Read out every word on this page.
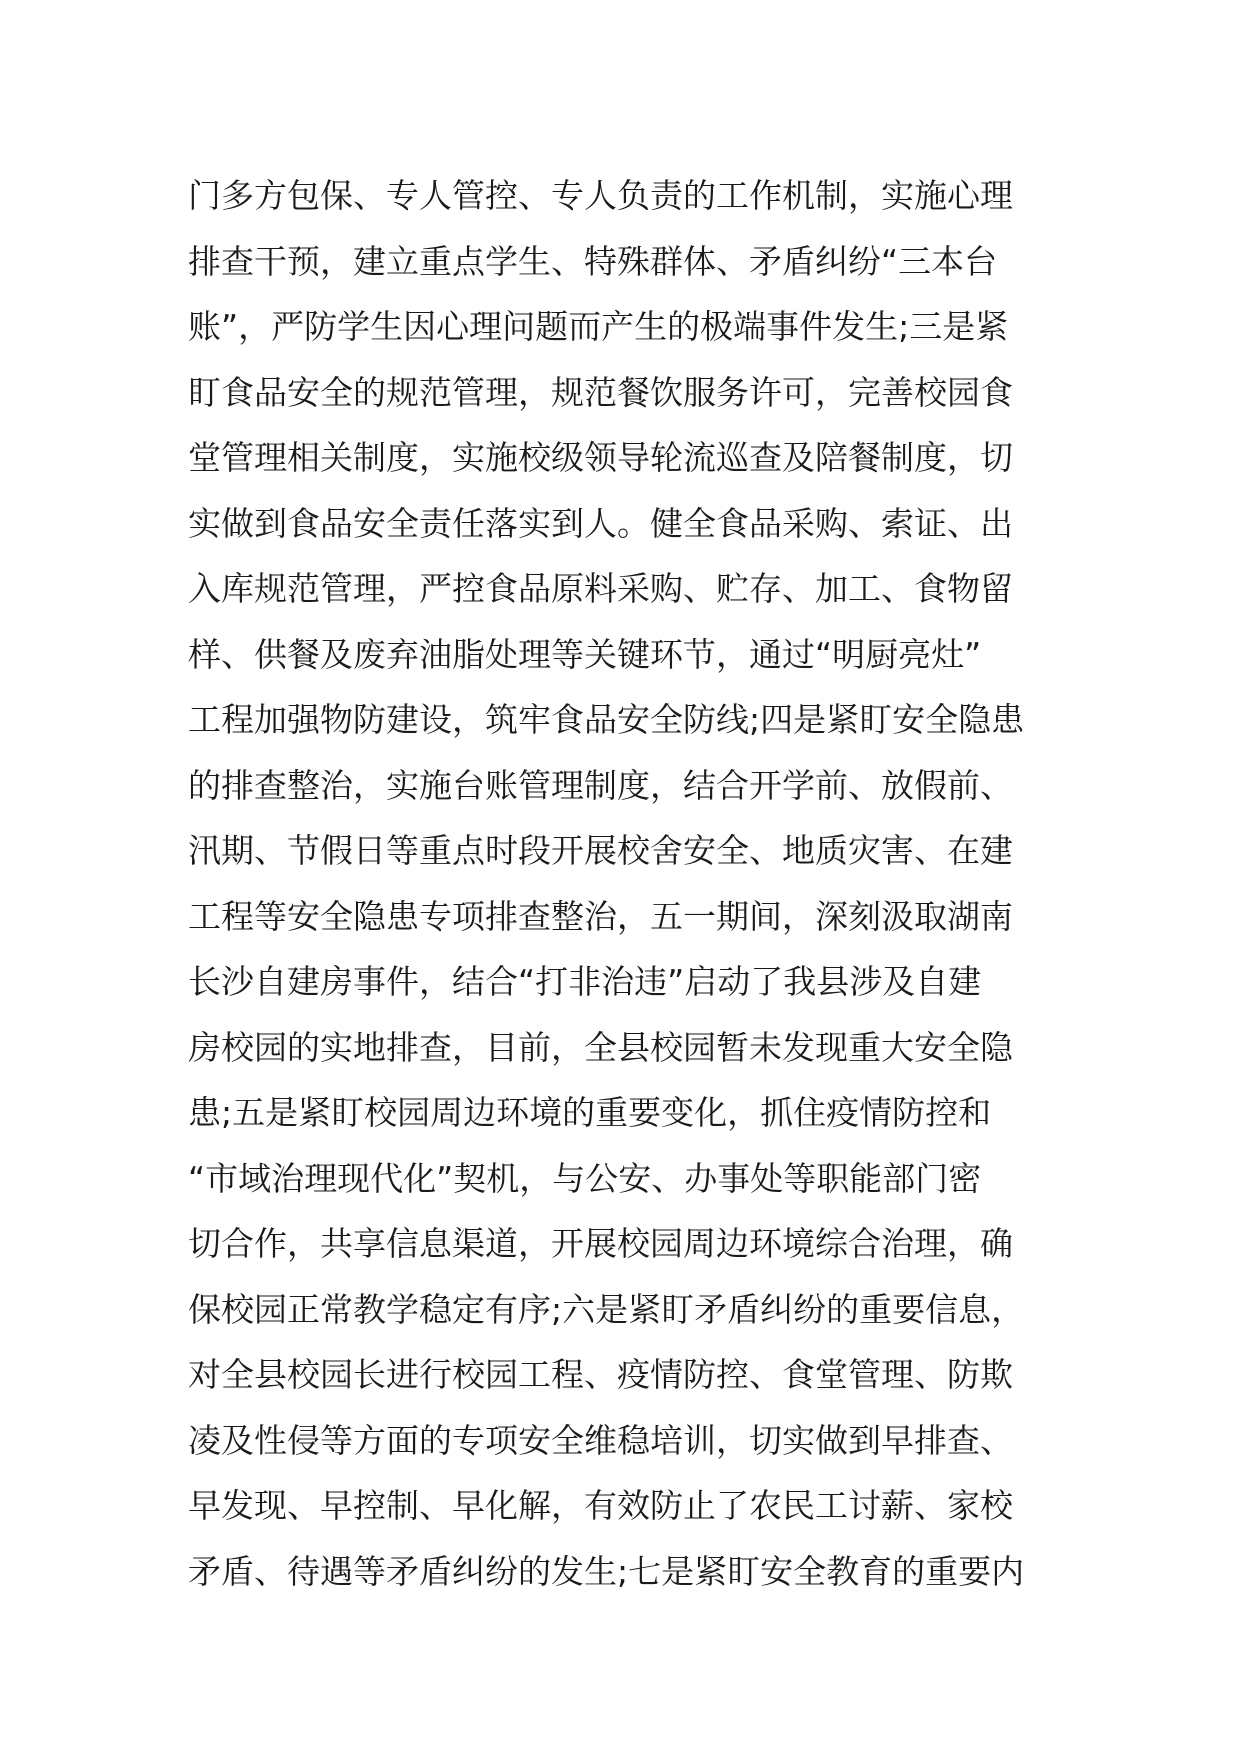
门多方包保、专人管控、专人负责的工作机制，实施心理
排查干预，建立重点学生、特殊群体、矛盾纠纷“三本台
账”，严防学生因心理问题而产生的极端事件发生;三是紧
盯食品安全的规范管理，规范餐饮服务许可，完善校园食
堂管理相关制度，实施校级领导轮流巡查及陪餐制度，切
实做到食品安全责任落实到人。健全食品采购、索证、出
入库规范管理，严控食品原料采购、贮存、加工、食物留
样、供餐及废弃油脂处理等关键环节，通过“明厨亮灶”
工程加强物防建设，筑牢食品安全防线;四是紧盯安全隐患
的排查整治，实施台账管理制度，结合开学前、放假前、
汛期、节假日等重点时段开展校舍安全、地质灾害、在建
工程等安全隐患专项排查整治，五一期间，深刻汲取湖南
长沙自建房事件，结合“打非治违”启动了我县涉及自建
房校园的实地排查，目前，全县校园暂未发现重大安全隐
患;五是紧盯校园周边环境的重要变化，抓住疫情防控和
“市域治理现代化”契机，与公安、办事处等职能部门密
切合作，共享信息渠道，开展校园周边环境综合治理，确
保校园正常教学稳定有序;六是紧盯矛盾纠纷的重要信息，
对全县校园长进行校园工程、疫情防控、食堂管理、防欺
凌及性侵等方面的专项安全维稳培训，切实做到早排查、
早发现、早控制、早化解，有效防止了农民工讨薪、家校
矛盾、待遇等矛盾纠纷的发生;七是紧盯安全教育的重要内
